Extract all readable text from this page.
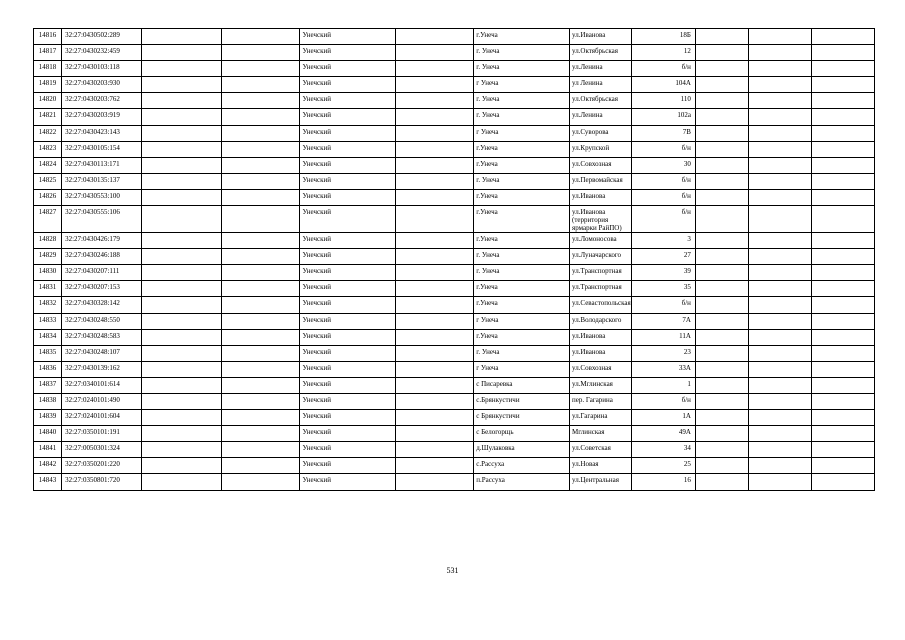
14816	32:27:0430502:289			Унечский		г.Унеча	ул.Иванова	18Б			
14817	32:27:0430232:459			Унечский		г. Унеча	ул.Октябрьская	12			
14818	32:27:0430103:118			Унечский		г. Унеча	ул.Ленина	б/н			
14819	32:27:0430203:930			Унечский		г Унеча	ул Ленина	104А			
14820	32:27:0430203:762			Унечский		г. Унеча	ул.Октябрьская	110			
14821	32:27:0430203:919			Унечский		г. Унеча	ул.Ленина	102а			
14822	32:27:0430423:143			Унечский		г Унеча	ул.Суворова	7В			
14823	32:27:0430105:154			Унечский		г.Унеча	ул.Крупской	б/н			
14824	32:27:0430113:171			Унечский		г.Унеча	ул.Совхозная	30			
14825	32:27:0430135:137			Унечский		г. Унеча	ул.Первомайская	б/н			
14826	32:27:0430553:100			Унечский		г.Унеча	ул.Иванова	б/н			
14827	32:27:0430555:106			Унечский		г.Унеча	ул.Иванова (территория ярмарки РайПО)	б/н			
14828	32:27:0430426:179			Унечский		г.Унеча	ул.Ломоносова	3			
14829	32:27:0430246:188			Унечский		г. Унеча	ул.Луначарского	27			
14830	32:27:0430207:111			Унечский		г. Унеча	ул.Транспортная	39			
14831	32:27:0430207:153			Унечский		г.Унеча	ул.Транспортная	35			
14832	32:27:0430328:142			Унечский		г.Унеча	ул.Севастопольская	б/н			
14833	32:27:0430248:550			Унечский		г Унеча	ул.Володарского	7А			
14834	32:27:0430248:583			Унечский		г.Унеча	ул.Иванова	11А			
14835	32:27:0430248:107			Унечский		г. Унеча	ул.Иванова	23			
14836	32:27:0430139:162			Унечский		г Унеча	ул.Совхозная	33А			
14837	32:27:0340101:614			Унечский		с Писаревка	ул.Мглинская	1			
14838	32:27:0240101:490			Унечский		с.Брянкустичи	пер. Гагарина	б/н			
14839	32:27:0240101:604			Унечский		с Брянкустичи	ул.Гагарина	1А			
14840	32:27:0350101:191			Унечский		с Белогорщь	Мглинская	49А			
14841	32:27:0050301:324			Унечский		д.Шулаковка	ул.Советская	34			
14842	32:27:0350201:220			Унечский		с.Рассуха	ул.Новая	25			
14843	32:27:0350801:720			Унечский		п.Рассуха	ул.Центральная	16			
531
